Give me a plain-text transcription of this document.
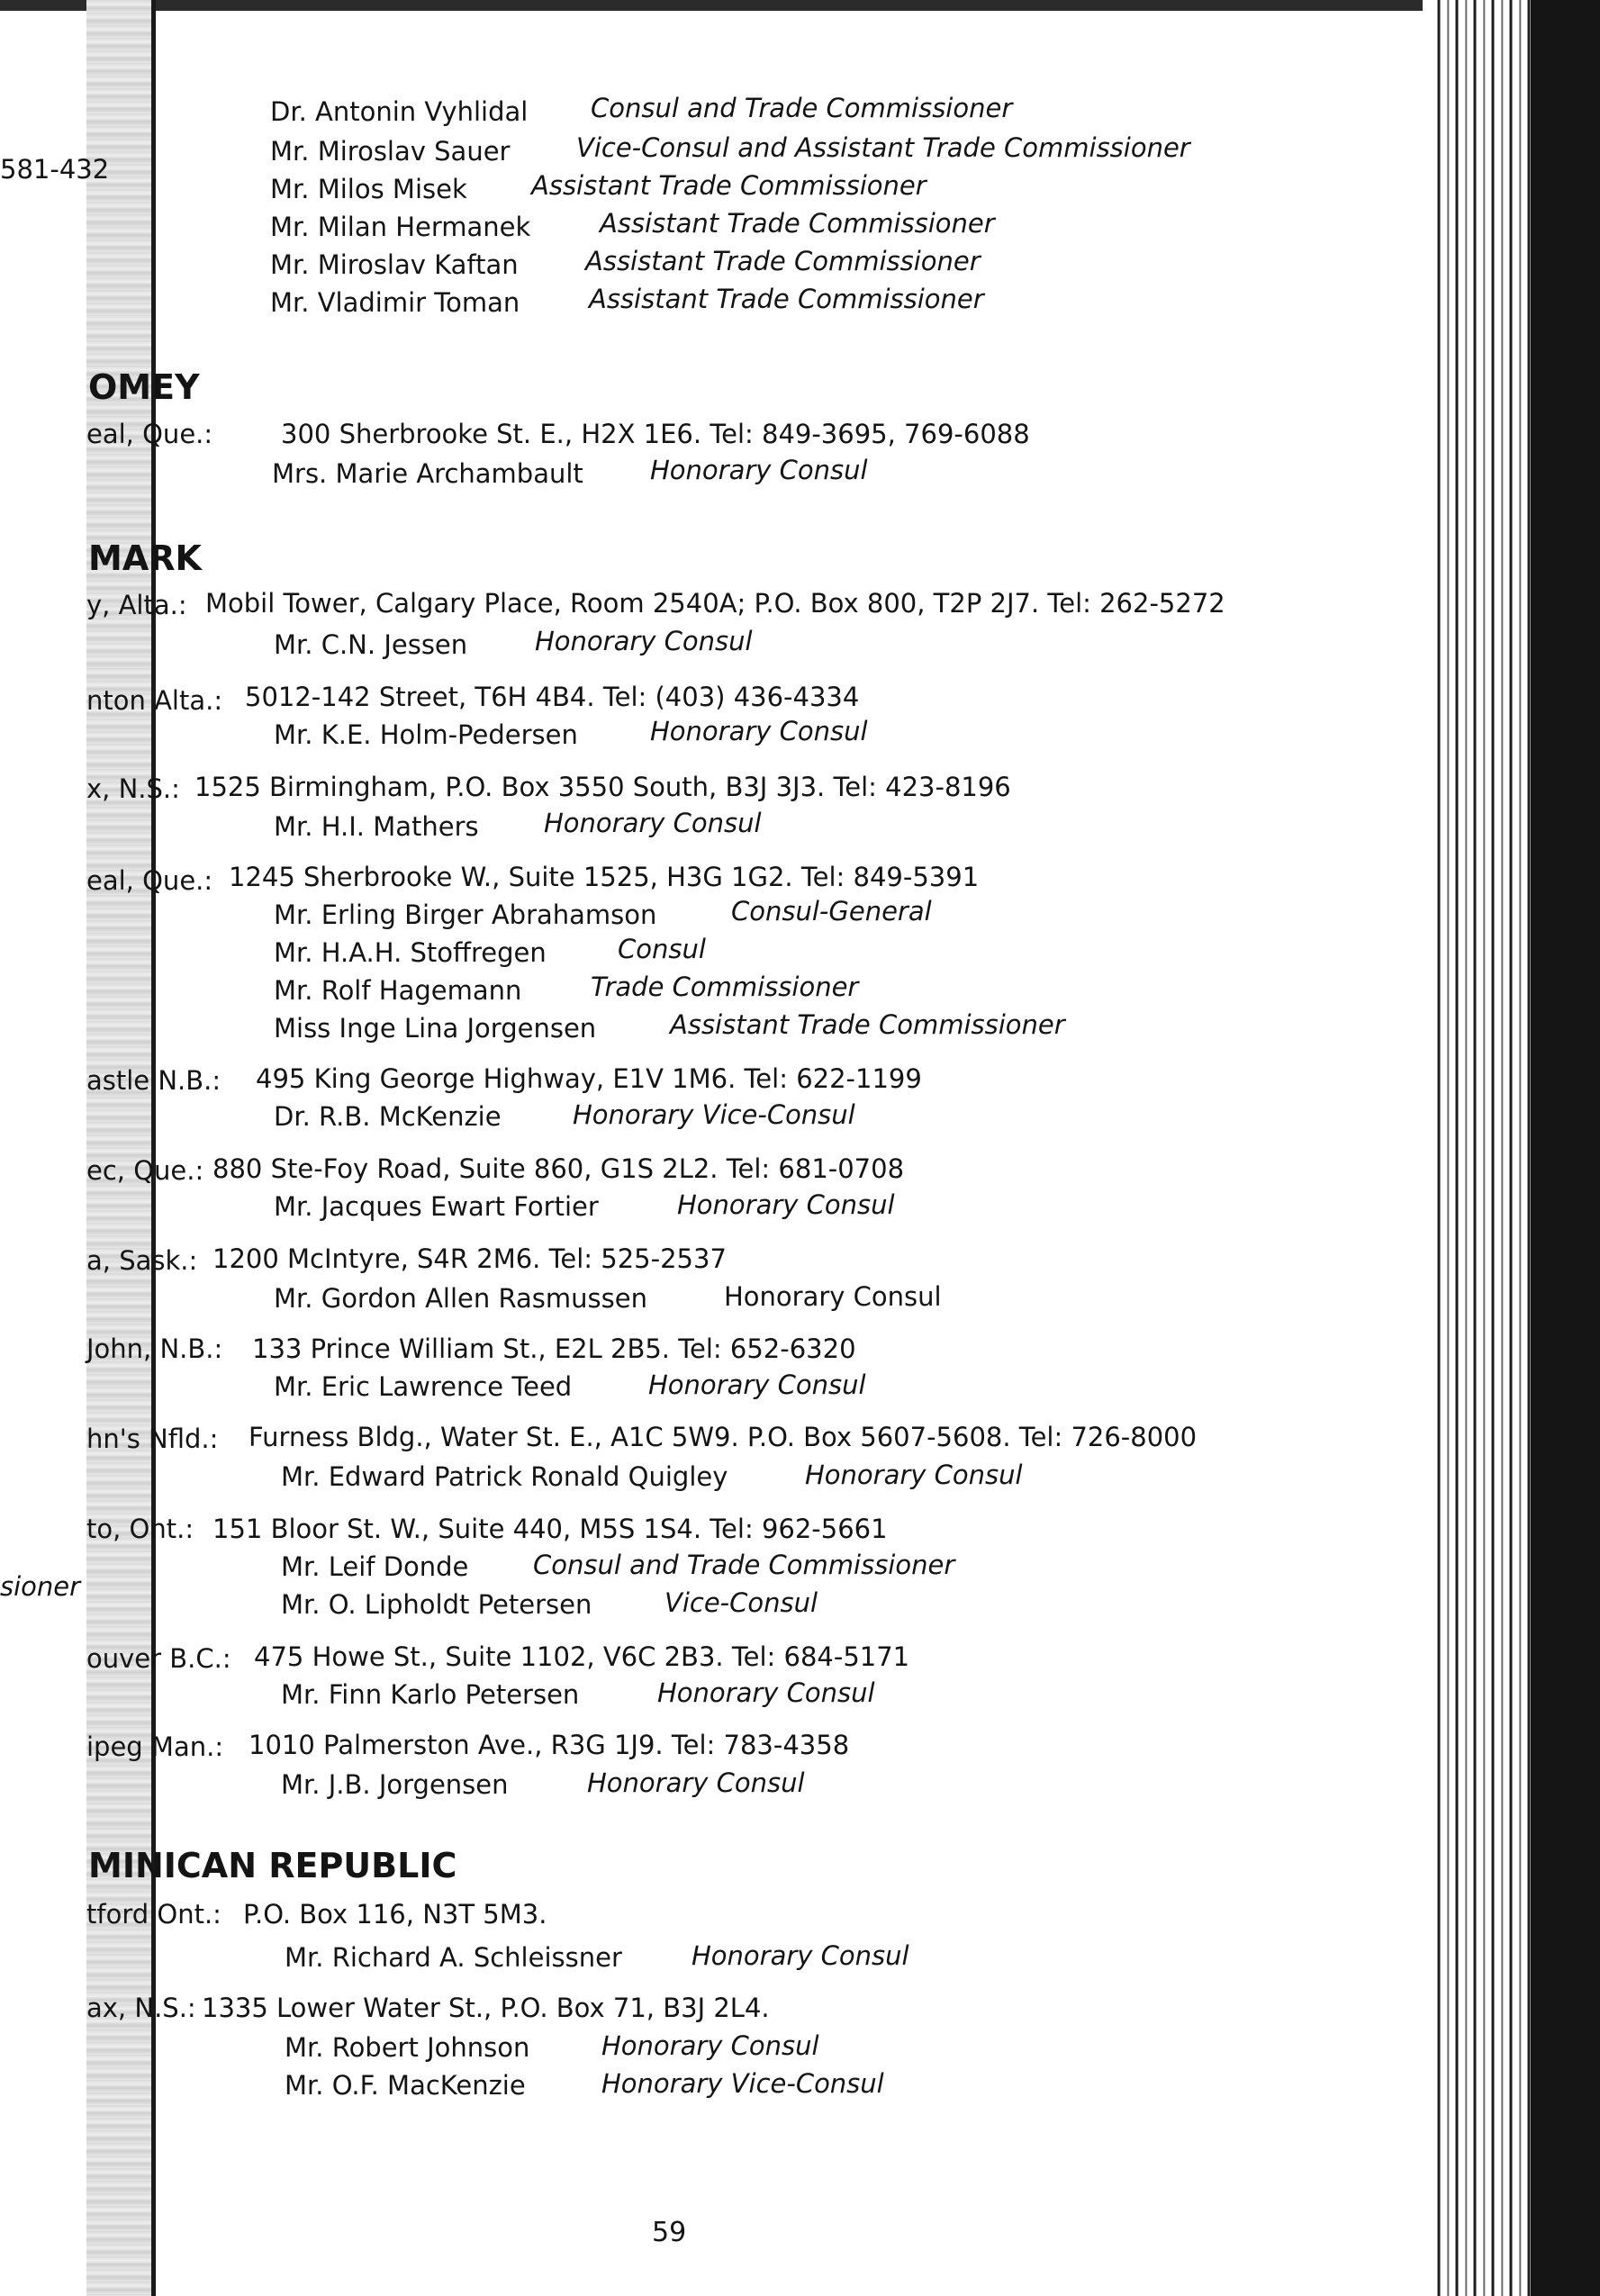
581-432
sioner
Dr. Antonin Vyhlidal Consul and Trade Commissioner
Mr. Miroslav Sauer	Vice-Consul and Assistant Trade Commissioner
Mr. Milos Misek Assistant Trade Commissioner
Mr. Milan Hermanek	Assistant Trade Commissioner
Mr. Miroslav Kaftan	Assistant Trade Commissioner
Mr. Vladimir Toman	Assistant Trade Commissioner
OMEY
eal, Que.:	300 Sherbrooke St. E., H2X 1E6. Tel: 849-3695, 769-6088
Mrs. Marie Archambault	Honorary Consul
MARK
y, Alta.: Mobil Tower, Calgary Place, Room 2540A; P.O. Box 800, T2P 2J7. Tel: 262-5272
Mr. C.N. Jessen	Honorary Consul
nton Alta.: 5012-142 Street, T6H 4B4. Tel: (403) 436-4334
Mr. K.E. Holm-Pedersen	Honorary Consul
x, N.S.: 1525 Birmingham, P.O. Box 3550 South, B3J 3J3. Tel: 423-8196
Mr. H.I. Mathers Honorary Consul
eal, Que.: 1245 Sherbrooke W., Suite 1525, H3G 1G2. Tel: 849-5391
Mr. Erling Birger Abrahamson	Consul-General
Mr. H.A.H. Stoffregen	Consul
Mr. Rolf Hagemann	Trade Commissioner
Miss Inge Lina Jorgensen	Assistant Trade Commissioner
astle N.B.: 495 King George Highway, E1V 1M6. Tel: 622-1199
Dr. R.B. McKenzie	Honorary Vice-Consul
ec, Que.: 880 Ste-Foy Road, Suite 860, G1S 2L2. Tel: 681-0708
Mr. Jacques Ewart Fortier	Honorary Consul
a, Sask.: 1200 McIntyre, S4R 2M6. Tel: 525-2537
Mr. Gordon Allen Rasmussen	Honorary Consul
John, N.B.: 133 Prince William St., E2L 2B5. Tel: 652-6320
Mr. Eric Lawrence Teed	Honorary Consul
hn's Nfld.: Furness Bldg., Water St. E., A1C 5W9. P.O. Box 5607-5608. Tel: 726-8000
Mr. Edward Patrick Ronald Quigley	Honorary Consul
to, Ont.: 151 Bloor St. W., Suite 440, M5S 1S4. Tel: 962-5661
Mr. Leif Donde Consul and Trade Commissioner
Mr. O. Lipholdt Petersen	Vice-Consul
ouver B.C.: 475 Howe St., Suite 1102, V6C 2B3. Tel: 684-5171
Mr. Finn Karlo Petersen	Honorary Consul
ipeg Man.: 1010 Palmerston Ave., R3G 1J9. Tel: 783-4358
Mr. J.B. Jorgensen	Honorary Consul
MINICAN REPUBLIC
tford Ont.: P.O. Box 116, N3T 5M3.
Mr. Richard A. Schleissner	Honorary Consul
ax, N.S.: 1335 Lower Water St., P.O. Box 71, B3J 2L4.
Mr. Robert Johnson	Honorary Consul
Mr. O.F. MacKenzie	Honorary Vice-Consul
59
